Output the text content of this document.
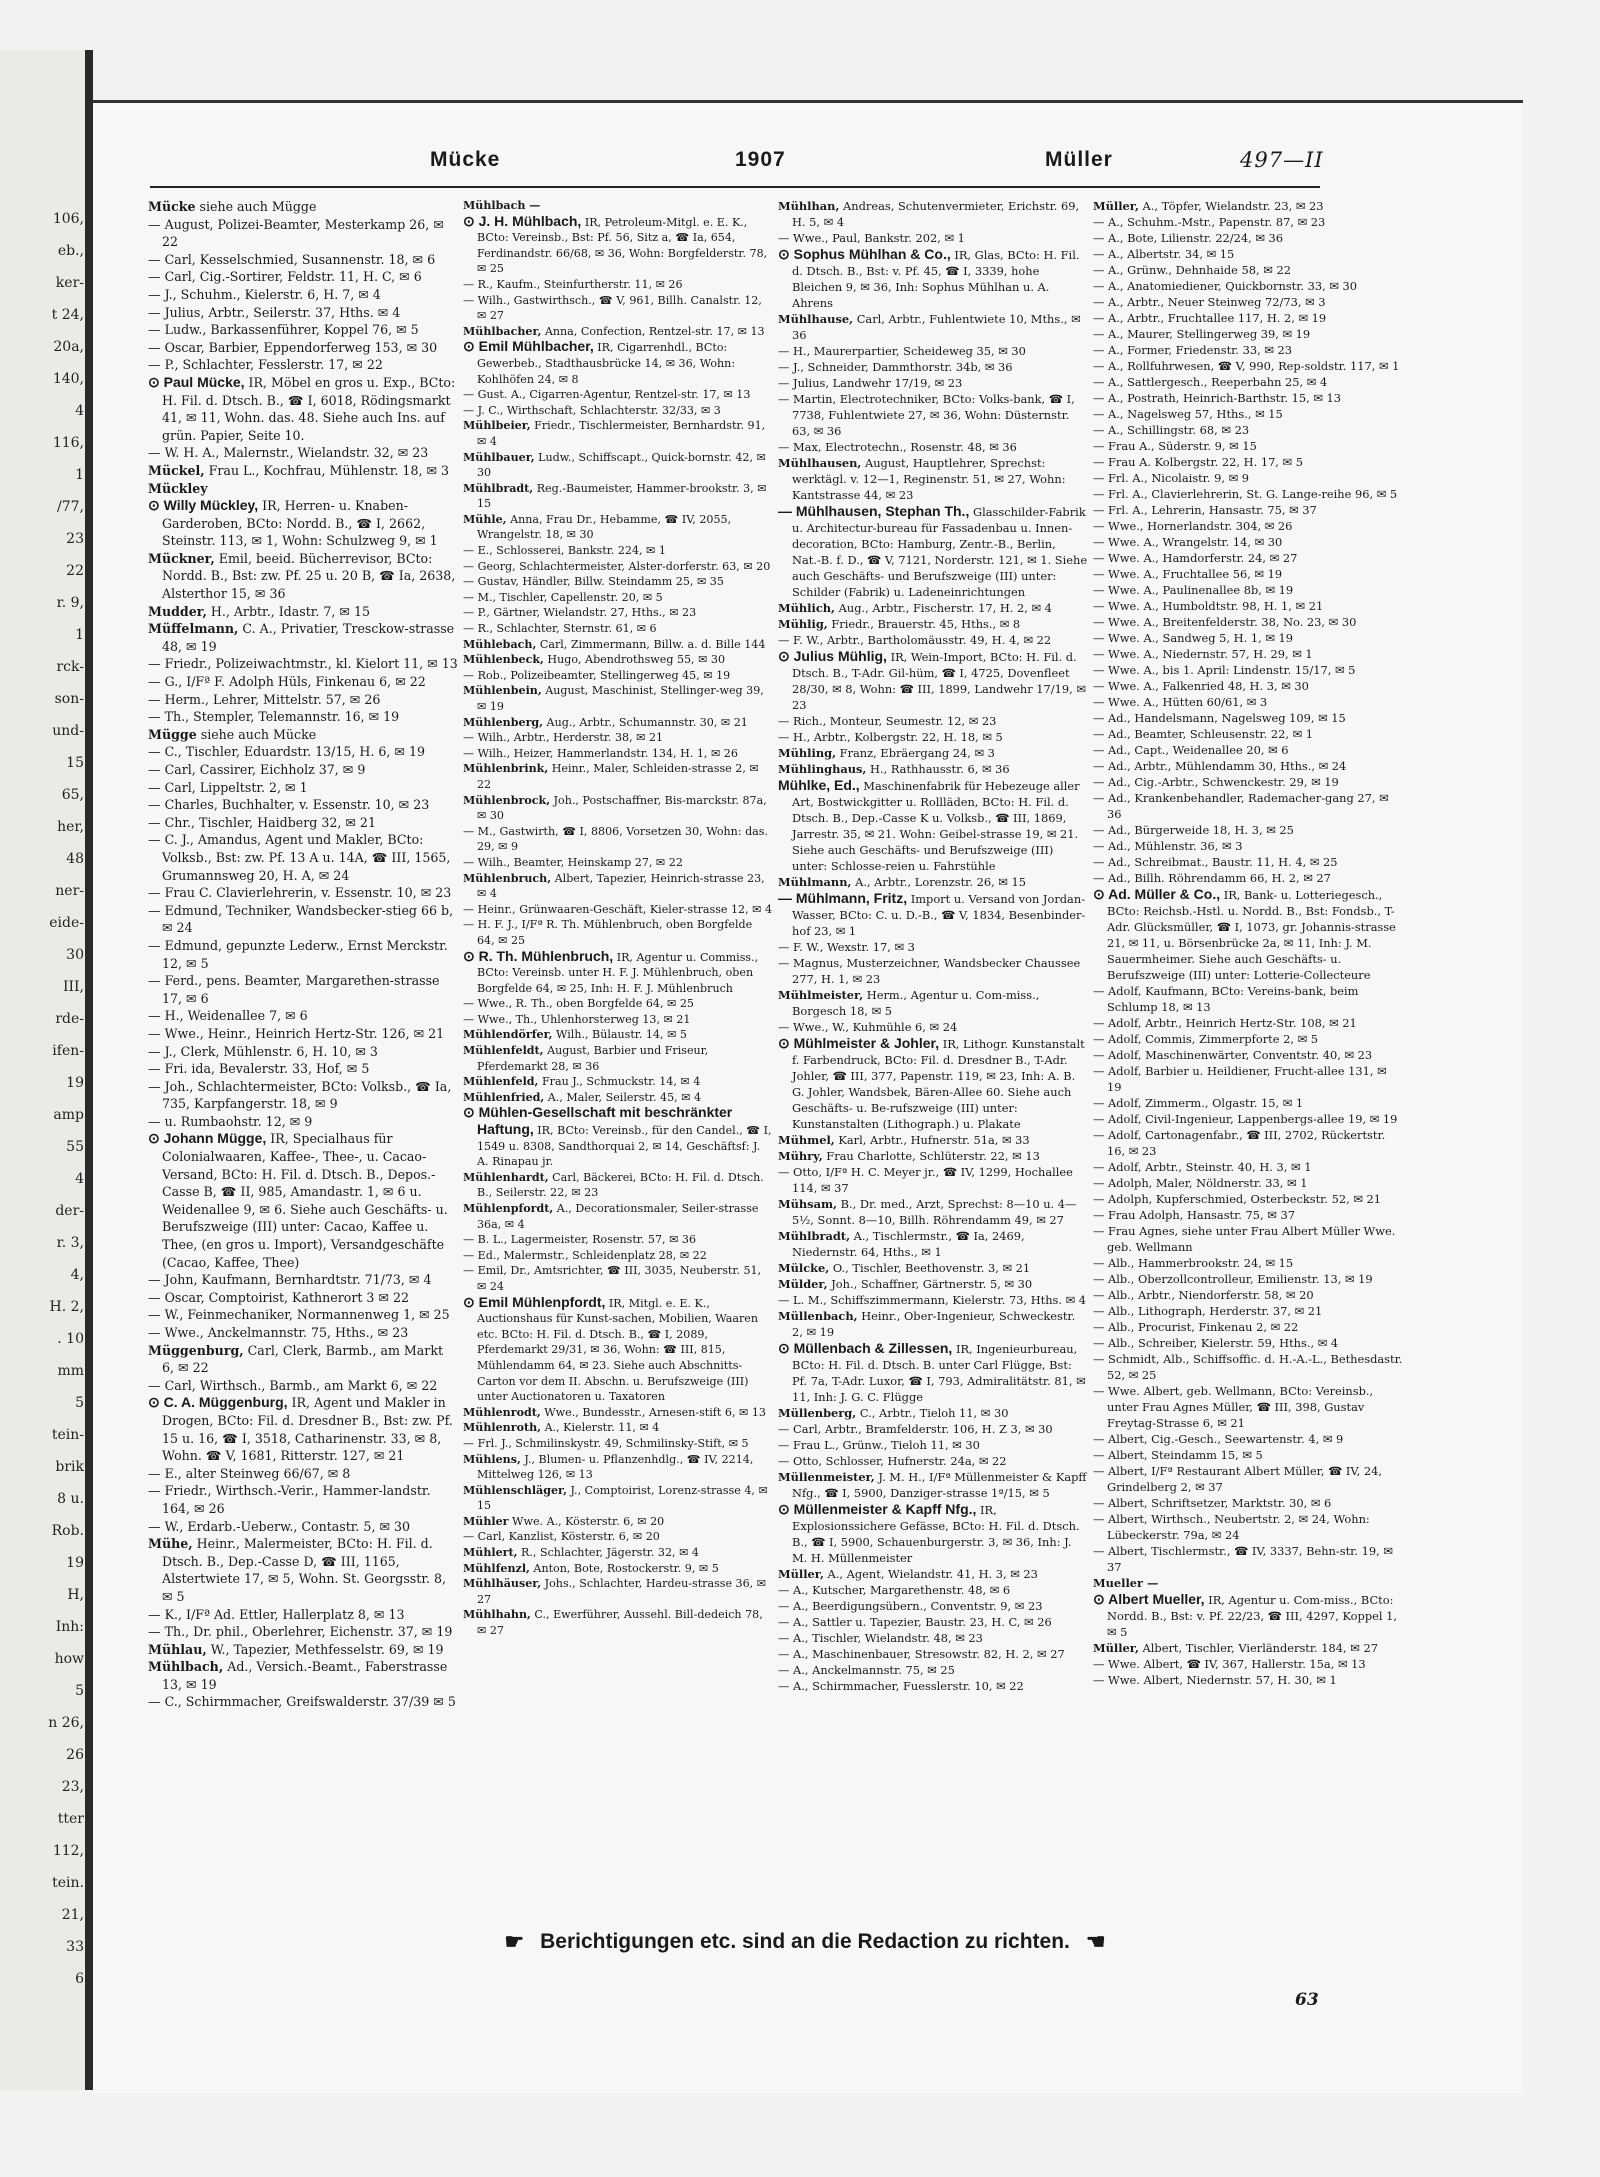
106,
eb.,
ker-
t 24,
20a,
140,
4
116,
1
/77,
23
22
r. 9,
1
rck-
son-
und-
15
65,
her,
48
ner-
eide-
30
III,
rde-
ifen-
19
amp
55
4
der-
r. 3,
4,
H. 2,
. 10
mm
5
tein-
brik
8 u.
Rob.
19
H,
Inh:
how
5
n 26,
26
23,
tter
112,
tein.
21,
33
6
Mücke	1907	Müller	497—II

Mücke siehe auch Mügge

— August, Polizei-Beamter, Mesterkamp 26, ✉ 22

— Carl, Kesselschmied, Susannenstr. 18, ✉ 6

— Carl, Cig.-Sortirer, Feldstr. 11, H. C, ✉ 6

— J., Schuhm., Kielerstr. 6, H. 7, ✉ 4

— Julius, Arbtr., Seilerstr. 37, Hths. ✉ 4

— Ludw., Barkassenführer, Koppel 76, ✉ 5

— Oscar, Barbier, Eppendorferweg 153, ✉ 30

— P., Schlachter, Fesslerstr. 17, ✉ 22

⊙ Paul Mücke, IR, Möbel en gros u. Exp., BCto: H. Fil. d. Dtsch. B., ☎ I, 6018, Rödingsmarkt 41, ✉ 11, Wohn. das. 48. Siehe auch Ins. auf grün. Papier, Seite 10.

— W. H. A., Malernstr., Wielandstr. 32, ✉ 23

Mückel, Frau L., Kochfrau, Mühlenstr. 18, ✉ 3

Mückley

⊙ Willy Mückley, IR, Herren- u. Knaben-Garderoben, BCto: Nordd. B., ☎ I, 2662, Steinstr. 113, ✉ 1, Wohn: Schulzweg 9, ✉ 1

Mückner, Emil, beeid. Bücherrevisor, BCto: Nordd. B., Bst: zw. Pf. 25 u. 20 B, ☎ Ia, 2638, Alsterthor 15, ✉ 36

Mudder, H., Arbtr., Idastr. 7, ✉ 15

Müffelmann, C. A., Privatier, Tresckow-strasse 48, ✉ 19

— Friedr., Polizeiwachtmstr., kl. Kielort 11, ✉ 13

— G., I/Fª F. Adolph Hüls, Finkenau 6, ✉ 22

— Herm., Lehrer, Mittelstr. 57, ✉ 26

— Th., Stempler, Telemannstr. 16, ✉ 19

Mügge siehe auch Mücke

— C., Tischler, Eduardstr. 13/15, H. 6, ✉ 19

— Carl, Cassirer, Eichholz 37, ✉ 9

— Carl, Lippeltstr. 2, ✉ 1

— Charles, Buchhalter, v. Essenstr. 10, ✉ 23

— Chr., Tischler, Haidberg 32, ✉ 21

— C. J., Amandus, Agent und Makler, BCto: Volksb., Bst: zw. Pf. 13 A u. 14A, ☎ III, 1565, Grumannsweg 20, H. A, ✉ 24

— Frau C. Clavierlehrerin, v. Essenstr. 10, ✉ 23

— Edmund, Techniker, Wandsbecker-stieg 66 b, ✉ 24

— Edmund, gepunzte Lederw., Ernst Merckstr. 12, ✉ 5

— Ferd., pens. Beamter, Margarethen-strasse 17, ✉ 6

— H., Weidenallee 7, ✉ 6

— Wwe., Heinr., Heinrich Hertz-Str. 126, ✉ 21

— J., Clerk, Mühlenstr. 6, H. 10, ✉ 3

— Fri. ida, Bevalerstr. 33, Hof, ✉ 5

— Joh., Schlachtermeister, BCto: Volksb., ☎ Ia, 735, Karpfangerstr. 18, ✉ 9

— u. Rumbaohstr. 12, ✉ 9

⊙ Johann Mügge, IR, Specialhaus für Colonialwaaren, Kaffee-, Thee-, u. Cacao-Versand, BCto: H. Fil. d. Dtsch. B., Depos.-Casse B, ☎ II, 985, Amandastr. 1, ✉ 6 u. Weidenallee 9, ✉ 6. Siehe auch Geschäfts- u. Berufszweige (III) unter: Cacao, Kaffee u. Thee, (en gros u. Import), Versandgeschäfte (Cacao, Kaffee, Thee)

— John, Kaufmann, Bernhardtstr. 71/73, ✉ 4

— Oscar, Comptoirist, Kathnerort 3 ✉ 22

— W., Feinmechaniker, Normannenweg 1, ✉ 25

— Wwe., Anckelmannstr. 75, Hths., ✉ 23

Müggenburg, Carl, Clerk, Barmb., am Markt 6, ✉ 22

— Carl, Wirthsch., Barmb., am Markt 6, ✉ 22

⊙ C. A. Müggenburg, IR, Agent und Makler in Drogen, BCto: Fil. d. Dresdner B., Bst: zw. Pf. 15 u. 16, ☎ I, 3518, Catharinenstr. 33, ✉ 8, Wohn. ☎ V, 1681, Ritterstr. 127, ✉ 21

— E., alter Steinweg 66/67, ✉ 8

— Friedr., Wirthsch.-Verir., Hammer-landstr. 164, ✉ 26

— W., Erdarb.-Ueberw., Contastr. 5, ✉ 30

Mühe, Heinr., Malermeister, BCto: H. Fil. d. Dtsch. B., Dep.-Casse D, ☎ III, 1165, Alstertwiete 17, ✉ 5, Wohn. St. Georgsstr. 8, ✉ 5

— K., I/Fª Ad. Ettler, Hallerplatz 8, ✉ 13

— Th., Dr. phil., Oberlehrer, Eichenstr. 37, ✉ 19

Mühlau, W., Tapezier, Methfesselstr. 69, ✉ 19

Mühlbach, Ad., Versich.-Beamt., Faberstrasse 13, ✉ 19

— C., Schirmmacher, Greifswalderstr. 37/39 ✉ 5

Mühlbach —

⊙ J. H. Mühlbach, IR, Petroleum-Mitgl. e. E. K., BCto: Vereinsb., Bst: Pf. 56, Sitz a, ☎ Ia, 654, Ferdinandstr. 66/68, ✉ 36, Wohn: Borgfelderstr. 78, ✉ 25

— R., Kaufm., Steinfurtherstr. 11, ✉ 26

— Wilh., Gastwirthsch., ☎ V, 961, Billh. Canalstr. 12, ✉ 27

Mühlbacher, Anna, Confection, Rentzel-str. 17, ✉ 13

⊙ Emil Mühlbacher, IR, Cigarrenhdl., BCto: Gewerbeb., Stadthausbrücke 14, ✉ 36, Wohn: Kohlhöfen 24, ✉ 8

— Gust. A., Cigarren-Agentur, Rentzel-str. 17, ✉ 13

— J. C., Wirthschaft, Schlachterstr. 32/33, ✉ 3

Mühlbeier, Friedr., Tischlermeister, Bernhardstr. 91, ✉ 4

Mühlbauer, Ludw., Schiffscapt., Quick-bornstr. 42, ✉ 30

Mühlbradt, Reg.-Baumeister, Hammer-brookstr. 3, ✉ 15

Mühle, Anna, Frau Dr., Hebamme, ☎ IV, 2055, Wrangelstr. 18, ✉ 30

— E., Schlosserei, Bankstr. 224, ✉ 1

— Georg, Schlachtermeister, Alster-dorferstr. 63, ✉ 20

— Gustav, Händler, Billw. Steindamm 25, ✉ 35

— M., Tischler, Capellenstr. 20, ✉ 5

— P., Gärtner, Wielandstr. 27, Hths., ✉ 23

— R., Schlachter, Sternstr. 61, ✉ 6

Mühlebach, Carl, Zimmermann, Billw. a. d. Bille 144

Mühlenbeck, Hugo, Abendrothsweg 55, ✉ 30

— Rob., Polizeibeamter, Stellingerweg 45, ✉ 19

Mühlenbein, August, Maschinist, Stellinger-weg 39, ✉ 19

Mühlenberg, Aug., Arbtr., Schumannstr. 30, ✉ 21

— Wilh., Arbtr., Herderstr. 38, ✉ 21

— Wilh., Heizer, Hammerlandstr. 134, H. 1, ✉ 26

Mühlenbrink, Heinr., Maler, Schleiden-strasse 2, ✉ 22

Mühlenbrock, Joh., Postschaffner, Bis-marckstr. 87a, ✉ 30

— M., Gastwirth, ☎ I, 8806, Vorsetzen 30, Wohn: das. 29, ✉ 9

— Wilh., Beamter, Heinskamp 27, ✉ 22

Mühlenbruch, Albert, Tapezier, Heinrich-strasse 23, ✉ 4

— Heinr., Grünwaaren-Geschäft, Kieler-strasse 12, ✉ 4

— H. F. J., I/Fª R. Th. Mühlenbruch, oben Borgfelde 64, ✉ 25

⊙ R. Th. Mühlenbruch, IR, Agentur u. Commiss., BCto: Vereinsb. unter H. F. J. Mühlenbruch, oben Borgfelde 64, ✉ 25, Inh: H. F. J. Mühlenbruch

— Wwe., R. Th., oben Borgfelde 64, ✉ 25

— Wwe., Th., Uhlenhorsterweg 13, ✉ 21

Mühlendörfer, Wilh., Bülaustr. 14, ✉ 5

Mühlenfeldt, August, Barbier und Friseur, Pferdemarkt 28, ✉ 36

Mühlenfeld, Frau J., Schmuckstr. 14, ✉ 4

Mühlenfried, A., Maler, Seilerstr. 45, ✉ 4

⊙ Mühlen-Gesellschaft mit beschränkter Haftung, IR, BCto: Vereinsb., für den Candel., ☎ I, 1549 u. 8308, Sandthorquai 2, ✉ 14, Geschäftsf: J. A. Rinapau jr.

Mühlenhardt, Carl, Bäckerei, BCto: H. Fil. d. Dtsch. B., Seilerstr. 22, ✉ 23

Mühlenpfordt, A., Decorationsmaler, Seiler-strasse 36a, ✉ 4

— B. L., Lagermeister, Rosenstr. 57, ✉ 36

— Ed., Malermstr., Schleidenplatz 28, ✉ 22

— Emil, Dr., Amtsrichter, ☎ III, 3035, Neuberstr. 51, ✉ 24

⊙ Emil Mühlenpfordt, IR, Mitgl. e. E. K., Auctionshaus für Kunst-sachen, Mobilien, Waaren etc. BCto: H. Fil. d. Dtsch. B., ☎ I, 2089, Pferdemarkt 29/31, ✉ 36, Wohn: ☎ III, 815, Mühlendamm 64, ✉ 23. Siehe auch Abschnitts-Carton vor dem II. Abschn. u. Berufszweige (III) unter Auctionatoren u. Taxatoren

Mühlenrodt, Wwe., Bundesstr., Arnesen-stift 6, ✉ 13

Mühlenroth, A., Kielerstr. 11, ✉ 4

— Frl. J., Schmilinskystr. 49, Schmilinsky-Stift, ✉ 5

Mühlens, J., Blumen- u. Pflanzenhdlg., ☎ IV, 2214, Mittelweg 126, ✉ 13

Mühlenschläger, J., Comptoirist, Lorenz-strasse 4, ✉ 15

Mühler Wwe. A., Kösterstr. 6, ✉ 20

— Carl, Kanzlist, Kösterstr. 6, ✉ 20

Mühlert, R., Schlachter, Jägerstr. 32, ✉ 4

Mühlfenzl, Anton, Bote, Rostockerstr. 9, ✉ 5

Mühlhäuser, Johs., Schlachter, Hardeu-strasse 36, ✉ 27

Mühlhahn, C., Ewerführer, Aussehl. Bill-dedeich 78, ✉ 27

Mühlhan, Andreas, Schutenvermieter, Erichstr. 69, H. 5, ✉ 4

— Wwe., Paul, Bankstr. 202, ✉ 1

⊙ Sophus Mühlhan & Co., IR, Glas, BCto: H. Fil. d. Dtsch. B., Bst: v. Pf. 45, ☎ I, 3339, hohe Bleichen 9, ✉ 36, Inh: Sophus Mühlhan u. A. Ahrens

Mühlhause, Carl, Arbtr., Fuhlentwiete 10, Mths., ✉ 36

— H., Maurerpartier, Scheideweg 35, ✉ 30

— J., Schneider, Dammthorstr. 34b, ✉ 36

— Julius, Landwehr 17/19, ✉ 23

— Martin, Electrotechniker, BCto: Volks-bank, ☎ I, 7738, Fuhlentwiete 27, ✉ 36, Wohn: Düsternstr. 63, ✉ 36

— Max, Electrotechn., Rosenstr. 48, ✉ 36

Mühlhausen, August, Hauptlehrer, Sprechst: werktägl. v. 12—1, Reginenstr. 51, ✉ 27, Wohn: Kantstrasse 44, ✉ 23

— Mühlhausen, Stephan Th., Glasschilder-Fabrik u. Architectur-bureau für Fassadenbau u. Innen-decoration, BCto: Hamburg, Zentr.-B., Berlin, Nat.-B. f. D., ☎ V, 7121, Norderstr. 121, ✉ 1. Siehe auch Geschäfts- und Berufszweige (III) unter: Schilder (Fabrik) u. Ladeneinrichtungen

Mühlich, Aug., Arbtr., Fischerstr. 17, H. 2, ✉ 4

Mühlig, Friedr., Brauerstr. 45, Hths., ✉ 8

— F. W., Arbtr., Bartholomäusstr. 49, H. 4, ✉ 22

⊙ Julius Mühlig, IR, Wein-Import, BCto: H. Fil. d. Dtsch. B., T-Adr. Gil-hüm, ☎ I, 4725, Dovenfleet 28/30, ✉ 8, Wohn: ☎ III, 1899, Landwehr 17/19, ✉ 23

— Rich., Monteur, Seumestr. 12, ✉ 23

— H., Arbtr., Kolbergstr. 22, H. 18, ✉ 5

Mühling, Franz, Ebräergang 24, ✉ 3

Mühlinghaus, H., Rathhausstr. 6, ✉ 36

Mühlke, Ed., Maschinenfabrik für Hebezeuge aller Art, Bostwickgitter u. Rollläden, BCto: H. Fil. d. Dtsch. B., Dep.-Casse K u. Volksb., ☎ III, 1869, Jarrestr. 35, ✉ 21. Wohn: Geibel-strasse 19, ✉ 21. Siehe auch Geschäfts- und Berufszweige (III) unter: Schlosse-reien u. Fahrstühle

Mühlmann, A., Arbtr., Lorenzstr. 26, ✉ 15

— Mühlmann, Fritz, Import u. Versand von Jordan-Wasser, BCto: C. u. D.-B., ☎ V, 1834, Besenbinder-hof 23, ✉ 1

— F. W., Wexstr. 17, ✉ 3

— Magnus, Musterzeichner, Wandsbecker Chaussee 277, H. 1, ✉ 23

Mühlmeister, Herm., Agentur u. Com-miss., Borgesch 18, ✉ 5

— Wwe., W., Kuhmühle 6, ✉ 24

⊙ Mühlmeister & Johler, IR, Lithogr. Kunstanstalt f. Farbendruck, BCto: Fil. d. Dresdner B., T-Adr. Johler, ☎ III, 377, Papenstr. 119, ✉ 23, Inh: A. B. G. Johler, Wandsbek, Bären-Allee 60. Siehe auch Geschäfts- u. Be-rufszweige (III) unter: Kunstanstalten (Lithograph.) u. Plakate

Mühmel, Karl, Arbtr., Hufnerstr. 51a, ✉ 33

Mühry, Frau Charlotte, Schlüterstr. 22, ✉ 13

— Otto, I/Fª H. C. Meyer jr., ☎ IV, 1299, Hochallee 114, ✉ 37

Mühsam, B., Dr. med., Arzt, Sprechst: 8—10 u. 4—5½, Sonnt. 8—10, Billh. Röhrendamm 49, ✉ 27

Mühlbradt, A., Tischlermstr., ☎ Ia, 2469, Niedernstr. 64, Hths., ✉ 1

Mülcke, O., Tischler, Beethovenstr. 3, ✉ 21

Mülder, Joh., Schaffner, Gärtnerstr. 5, ✉ 30

— L. M., Schiffszimmermann, Kielerstr. 73, Hths. ✉ 4

Müllenbach, Heinr., Ober-Ingenieur, Schweckestr. 2, ✉ 19

⊙ Müllenbach & Zillessen, IR, Ingenieurbureau, BCto: H. Fil. d. Dtsch. B. unter Carl Flügge, Bst: Pf. 7a, T-Adr. Luxor, ☎ I, 793, Admiralitätstr. 81, ✉ 11, Inh: J. G. C. Flügge

Müllenberg, C., Arbtr., Tieloh 11, ✉ 30

— Carl, Arbtr., Bramfelderstr. 106, H. Z 3, ✉ 30

— Frau L., Grünw., Tieloh 11, ✉ 30

— Otto, Schlosser, Hufnerstr. 24a, ✉ 22

Müllenmeister, J. M. H., I/Fª Müllenmeister & Kapff Nfg., ☎ I, 5900, Danziger-strasse 1ª/15, ✉ 5

⊙ Müllenmeister & Kapff Nfg., IR, Explosionssichere Gefässe, BCto: H. Fil. d. Dtsch. B., ☎ I, 5900, Schauenburgerstr. 3, ✉ 36, Inh: J. M. H. Müllenmeister

Müller, A., Agent, Wielandstr. 41, H. 3, ✉ 23

— A., Kutscher, Margarethenstr. 48, ✉ 6

— A., Beerdigungsübern., Conventstr. 9, ✉ 23

— A., Sattler u. Tapezier, Baustr. 23, H. C, ✉ 26

— A., Tischler, Wielandstr. 48, ✉ 23

— A., Maschinenbauer, Stresowstr. 82, H. 2, ✉ 27

— A., Anckelmannstr. 75, ✉ 25

— A., Schirmmacher, Fuesslerstr. 10, ✉ 22

Müller, A., Töpfer, Wielandstr. 23, ✉ 23

— A., Schuhm.-Mstr., Papenstr. 87, ✉ 23

— A., Bote, Lilienstr. 22/24, ✉ 36

— A., Albertstr. 34, ✉ 15

— A., Grünw., Dehnhaide 58, ✉ 22

— A., Anatomiediener, Quickbornstr. 33, ✉ 30

— A., Arbtr., Neuer Steinweg 72/73, ✉ 3

— A., Arbtr., Fruchtallee 117, H. 2, ✉ 19

— A., Maurer, Stellingerweg 39, ✉ 19

— A., Former, Friedenstr. 33, ✉ 23

— A., Rollfuhrwesen, ☎ V, 990, Rep-soldstr. 117, ✉ 1

— A., Sattlergesch., Reeperbahn 25, ✉ 4

— A., Postrath, Heinrich-Barthstr. 15, ✉ 13

— A., Nagelsweg 57, Hths., ✉ 15

— A., Schillingstr. 68, ✉ 23

— Frau A., Süderstr. 9, ✉ 15

— Frau A. Kolbergstr. 22, H. 17, ✉ 5

— Frl. A., Nicolaistr. 9, ✉ 9

— Frl. A., Clavierlehrerin, St. G. Lange-reihe 96, ✉ 5

— Frl. A., Lehrerin, Hansastr. 75, ✉ 37

— Wwe., Hornerlandstr. 304, ✉ 26

— Wwe. A., Wrangelstr. 14, ✉ 30

— Wwe. A., Hamdorferstr. 24, ✉ 27

— Wwe. A., Fruchtallee 56, ✉ 19

— Wwe. A., Paulinenallee 8b, ✉ 19

— Wwe. A., Humboldtstr. 98, H. 1, ✉ 21

— Wwe. A., Breitenfelderstr. 38, No. 23, ✉ 30

— Wwe. A., Sandweg 5, H. 1, ✉ 19

— Wwe. A., Niedernstr. 57, H. 29, ✉ 1

— Wwe. A., bis 1. April: Lindenstr. 15/17, ✉ 5

— Wwe. A., Falkenried 48, H. 3, ✉ 30

— Wwe. A., Hütten 60/61, ✉ 3

— Ad., Handelsmann, Nagelsweg 109, ✉ 15

— Ad., Beamter, Schleusenstr. 22, ✉ 1

— Ad., Capt., Weidenallee 20, ✉ 6

— Ad., Arbtr., Mühlendamm 30, Hths., ✉ 24

— Ad., Cig.-Arbtr., Schwenckestr. 29, ✉ 19

— Ad., Krankenbehandler, Rademacher-gang 27, ✉ 36

— Ad., Bürgerweide 18, H. 3, ✉ 25

— Ad., Mühlenstr. 36, ✉ 3

— Ad., Schreibmat., Baustr. 11, H. 4, ✉ 25

— Ad., Billh. Röhrendamm 66, H. 2, ✉ 27

⊙ Ad. Müller & Co., IR, Bank- u. Lotteriegesch., BCto: Reichsb.-Hstl. u. Nordd. B., Bst: Fondsb., T-Adr. Glücksmüller, ☎ I, 1073, gr. Johannis-strasse 21, ✉ 11, u. Börsenbrücke 2a, ✉ 11, Inh: J. M. Sauermheimer. Siehe auch Geschäfts- u. Berufszweige (III) unter: Lotterie-Collecteure

— Adolf, Kaufmann, BCto: Vereins-bank, beim Schlump 18, ✉ 13

— Adolf, Arbtr., Heinrich Hertz-Str. 108, ✉ 21

— Adolf, Commis, Zimmerpforte 2, ✉ 5

— Adolf, Maschinenwärter, Conventstr. 40, ✉ 23

— Adolf, Barbier u. Heildiener, Frucht-allee 131, ✉ 19

— Adolf, Zimmerm., Olgastr. 15, ✉ 1

— Adolf, Civil-Ingenieur, Lappenbergs-allee 19, ✉ 19

— Adolf, Cartonagenfabr., ☎ III, 2702, Rückertstr. 16, ✉ 23

— Adolf, Arbtr., Steinstr. 40, H. 3, ✉ 1

— Adolph, Maler, Nöldnerstr. 33, ✉ 1

— Adolph, Kupferschmied, Osterbeckstr. 52, ✉ 21

— Frau Adolph, Hansastr. 75, ✉ 37

— Frau Agnes, siehe unter Frau Albert Müller Wwe. geb. Wellmann

— Alb., Hammerbrookstr. 24, ✉ 15

— Alb., Oberzollcontrolleur, Emilienstr. 13, ✉ 19

— Alb., Arbtr., Niendorferstr. 58, ✉ 20

— Alb., Lithograph, Herderstr. 37, ✉ 21

— Alb., Procurist, Finkenau 2, ✉ 22

— Alb., Schreiber, Kielerstr. 59, Hths., ✉ 4

— Schmidt, Alb., Schiffsoffic. d. H.-A.-L., Bethesdastr. 52, ✉ 25

— Wwe. Albert, geb. Wellmann, BCto: Vereinsb., unter Frau Agnes Müller, ☎ III, 398, Gustav Freytag-Strasse 6, ✉ 21

— Albert, Cig.-Gesch., Seewartenstr. 4, ✉ 9

— Albert, Steindamm 15, ✉ 5

— Albert, I/Fª Restaurant Albert Müller, ☎ IV, 24, Grindelberg 2, ✉ 37

— Albert, Schriftsetzer, Marktstr. 30, ✉ 6

— Albert, Wirthsch., Neubertstr. 2, ✉ 24, Wohn: Lübeckerstr. 79a, ✉ 24

— Albert, Tischlermstr., ☎ IV, 3337, Behn-str. 19, ✉ 37

Mueller —

⊙ Albert Mueller, IR, Agentur u. Com-miss., BCto: Nordd. B., Bst: v. Pf. 22/23, ☎ III, 4297, Koppel 1, ✉ 5

Müller, Albert, Tischler, Vierländerstr. 184, ✉ 27

— Wwe. Albert, ☎ IV, 367, Hallerstr. 15a, ✉ 13

— Wwe. Albert, Niedernstr. 57, H. 30, ✉ 1

☛ Berichtigungen etc. sind an die Redaction zu richten. ☚
63
